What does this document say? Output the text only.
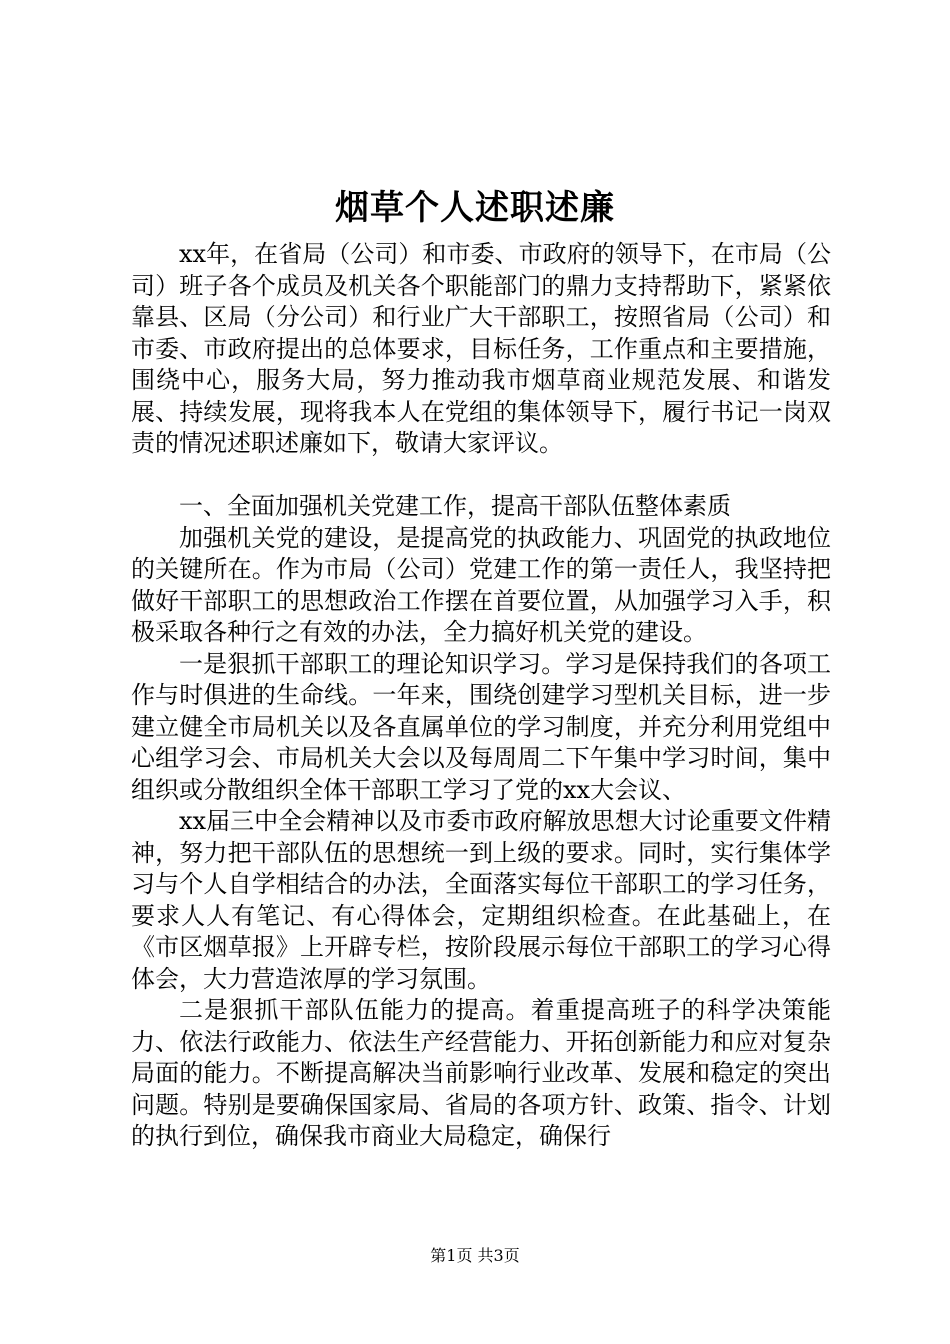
烟草个人述职述廉

xx年，在省局（公司）和市委、市政府的领导下，在市局（公司）班子各个成员及机关各个职能部门的鼎力支持帮助下，紧紧依靠县、区局（分公司）和行业广大干部职工，按照省局（公司）和市委、市政府提出的总体要求，目标任务，工作重点和主要措施，围绕中心，服务大局，努力推动我市烟草商业规范发展、和谐发展、持续发展，现将我本人在党组的集体领导下，履行书记一岗双责的情况述职述廉如下，敬请大家评议。

一、全面加强机关党建工作，提高干部队伍整体素质

加强机关党的建设，是提高党的执政能力、巩固党的执政地位的关键所在。作为市局（公司）党建工作的第一责任人，我坚持把做好干部职工的思想政治工作摆在首要位置，从加强学习入手，积极采取各种行之有效的办法，全力搞好机关党的建设。

一是狠抓干部职工的理论知识学习。学习是保持我们的各项工作与时俱进的生命线。一年来，围绕创建学习型机关目标，进一步建立健全市局机关以及各直属单位的学习制度，并充分利用党组中心组学习会、市局机关大会以及每周周二下午集中学习时间，集中组织或分散组织全体干部职工学习了党的xx大会议、

xx届三中全会精神以及市委市政府解放思想大讨论重要文件精神，努力把干部队伍的思想统一到上级的要求。同时，实行集体学习与个人自学相结合的办法，全面落实每位干部职工的学习任务，要求人人有笔记、有心得体会，定期组织检查。在此基础上，在《市区烟草报》上开辟专栏，按阶段展示每位干部职工的学习心得体会，大力营造浓厚的学习氛围。

二是狠抓干部队伍能力的提高。着重提高班子的科学决策能力、依法行政能力、依法生产经营能力、开拓创新能力和应对复杂局面的能力。不断提高解决当前影响行业改革、发展和稳定的突出问题。特别是要确保国家局、省局的各项方针、政策、指令、计划的执行到位，确保我市商业大局稳定，确保行

第1页 共3页
